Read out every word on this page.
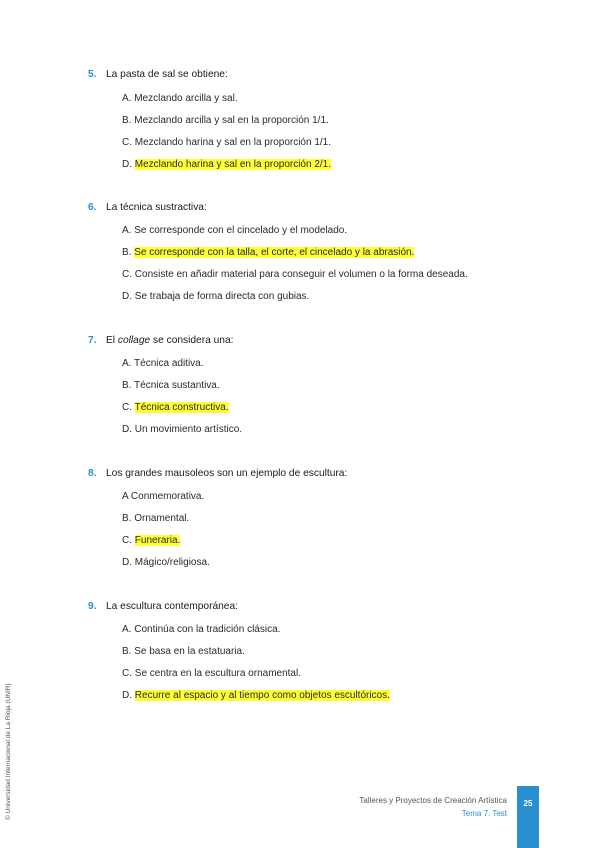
5. La pasta de sal se obtiene:
A. Mezclando arcilla y sal.
B. Mezclando arcilla y sal en la proporción 1/1.
C. Mezclando harina y sal en la proporción 1/1.
D. Mezclando harina y sal en la proporción 2/1.
6. La técnica sustractiva:
A. Se corresponde con el cincelado y el modelado.
B. Se corresponde con la talla, el corte, el cincelado y la abrasión.
C. Consiste en añadir material para conseguir el volumen o la forma deseada.
D. Se trabaja de forma directa con gubias.
7. El collage se considera una:
A. Técnica aditiva.
B. Técnica sustantiva.
C. Técnica constructiva.
D. Un movimiento artístico.
8. Los grandes mausoleos son un ejemplo de escultura:
A Conmemorativa.
B. Ornamental.
C. Funeraria.
D. Mágico/religiosa.
9. La escultura contemporánea:
A. Continúa con la tradición clásica.
B. Se basa en la estatuaria.
C. Se centra en la escultura ornamental.
D. Recurre al espacio y al tiempo como objetos escultóricos.
© Universidad Internacional de La Rioja (UNIR)	Talleres y Proyectos de Creación Artística
Tema 7. Test
25
